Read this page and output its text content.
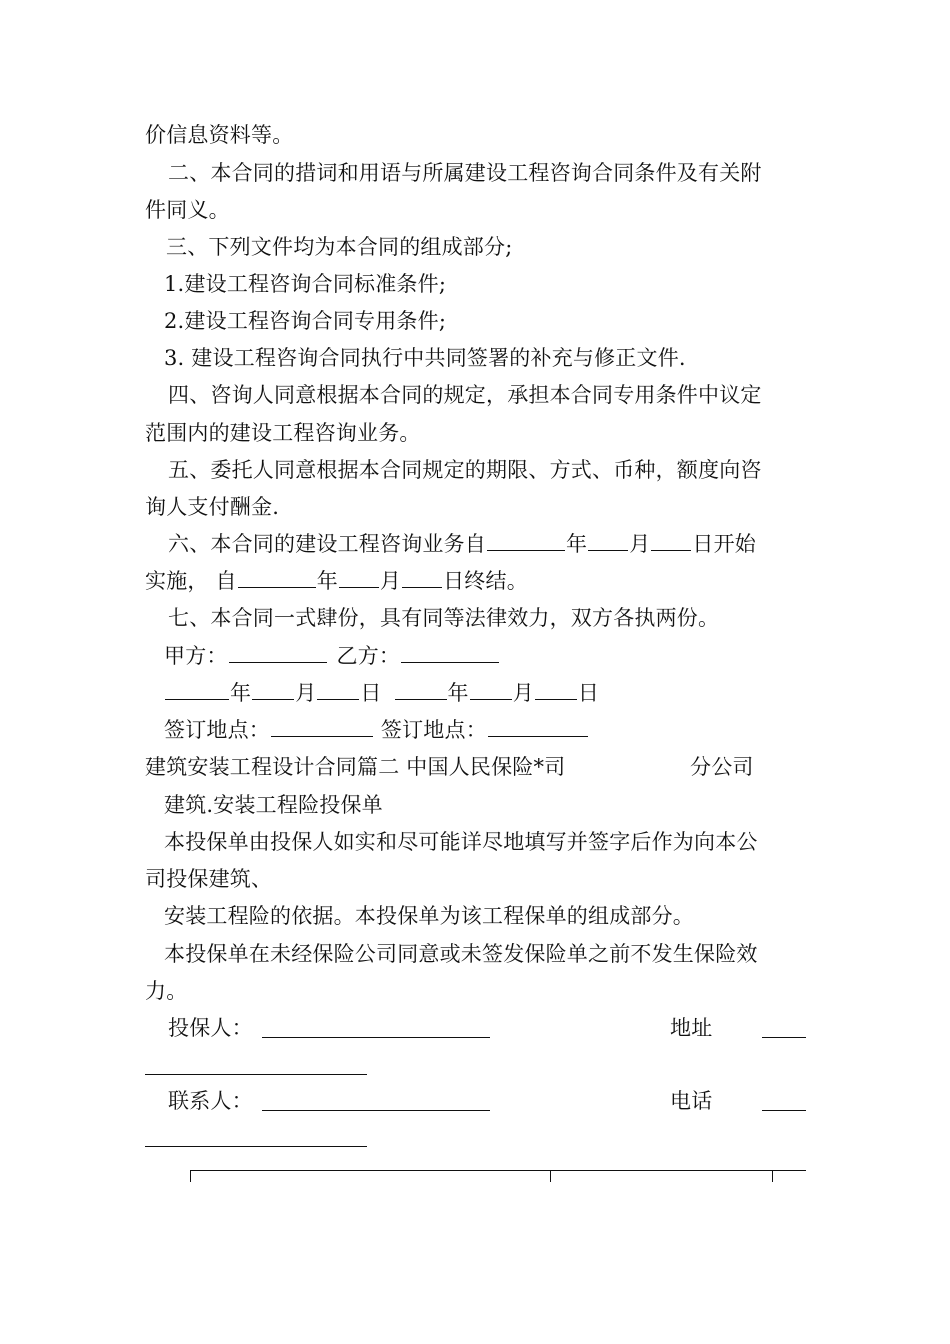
价信息资料等。
二、本合同的措词和用语与所属建设工程咨询合同条件及有关附
件同义。
三、下列文件均为本合同的组成部分;
1.建设工程咨询合同标准条件;
2.建设工程咨询合同专用条件;
3. 建设工程咨询合同执行中共同签署的补充与修正文件.
四、咨询人同意根据本合同的规定，承担本合同专用条件中议定
范围内的建设工程咨询业务。
五、委托人同意根据本合同规定的期限、方式、币种，额度向咨
询人支付酬金.
六、本合同的建设工程咨询业务自	年 月 日开始
实施， 自	年 月 日终结。
七、本合同一式肆份，具有同等法律效力，双方各执两份。
甲方：	乙方：
年 月 日	年 月 日
签订地点：	签订地点：
建筑安装工程设计合同篇二 中国人民保险*司	分公司
建筑.安装工程险投保单
本投保单由投保人如实和尽可能详尽地填写并签字后作为向本公
司投保建筑、
安装工程险的依据。本投保单为该工程保单的组成部分。
本投保单在未经保险公司同意或未签发保险单之前不发生保险效
力。
投保人：	地址
联系人：	电话
